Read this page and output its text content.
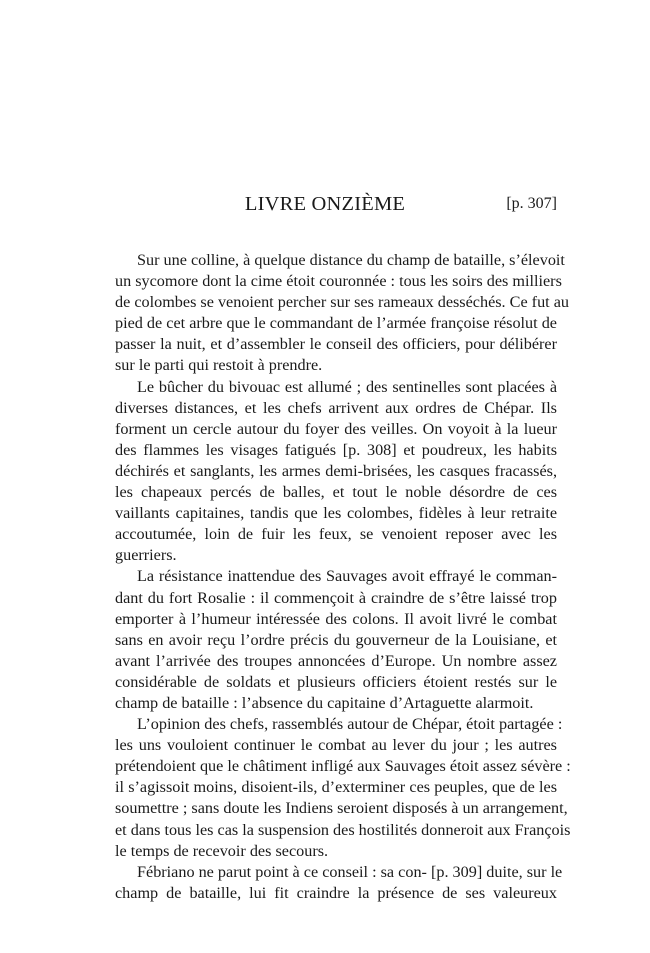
LIVRE ONZIÈME	[p. 307]
Sur une colline, à quelque distance du champ de bataille, s’élevoit
un sycomore dont la cime étoit couronnée : tous les soirs des milliers
de colombes se venoient percher sur ses rameaux desséchés. Ce fut au
pied de cet arbre que le commandant de l’armée françoise résolut de
passer la nuit, et d’assembler le conseil des officiers, pour délibérer
sur le parti qui restoit à prendre.
Le bûcher du bivouac est allumé ; des sentinelles sont placées à
diverses distances, et les chefs arrivent aux ordres de Chépar. Ils
forment un cercle autour du foyer des veilles. On voyoit à la lueur
des flammes les visages fatigués [p. 308] et poudreux, les habits
déchirés et sanglants, les armes demi-brisées, les casques fracassés,
les chapeaux percés de balles, et tout le noble désordre de ces
vaillants capitaines, tandis que les colombes, fidèles à leur retraite
accoutumée, loin de fuir les feux, se venoient reposer avec les
guerriers.
La résistance inattendue des Sauvages avoit effrayé le comman-
dant du fort Rosalie : il commençoit à craindre de s’être laissé trop
emporter à l’humeur intéressée des colons. Il avoit livré le combat
sans en avoir reçu l’ordre précis du gouverneur de la Louisiane, et
avant l’arrivée des troupes annoncées d’Europe. Un nombre assez
considérable de soldats et plusieurs officiers étoient restés sur le
champ de bataille : l’absence du capitaine d’Artaguette alarmoit.
L’opinion des chefs, rassemblés autour de Chépar, étoit partagée :
les uns vouloient continuer le combat au lever du jour ; les autres
prétendoient que le châtiment infligé aux Sauvages étoit assez sévère :
il s’agissoit moins, disoient-ils, d’exterminer ces peuples, que de les
soumettre ; sans doute les Indiens seroient disposés à un arrangement,
et dans tous les cas la suspension des hostilités donneroit aux François
le temps de recevoir des secours.
Fébriano ne parut point à ce conseil : sa con- [p. 309] duite, sur le
champ de bataille, lui fit craindre la présence de ses valeureux
